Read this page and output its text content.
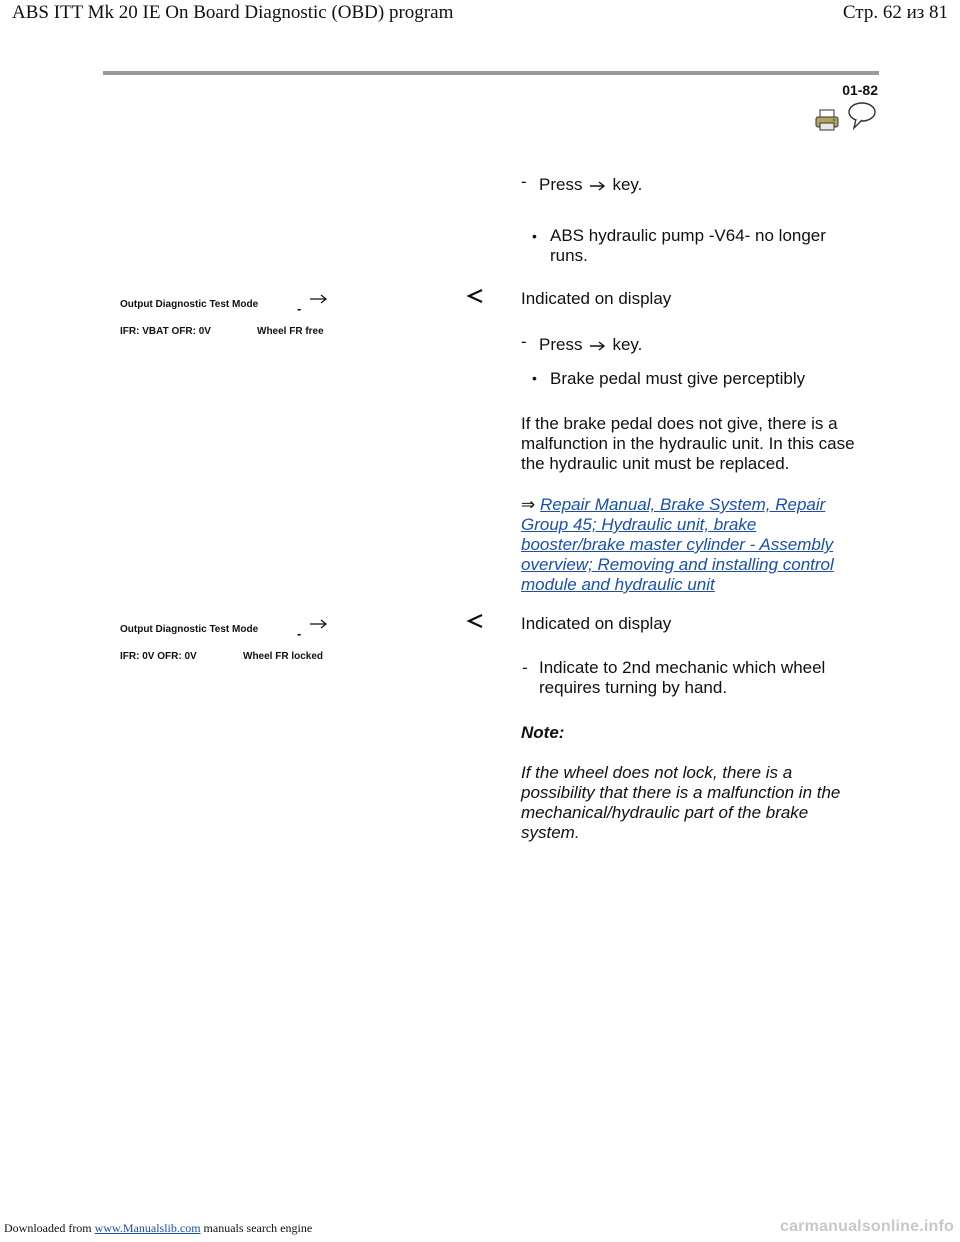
ABS ITT Mk 20 IE On Board Diagnostic (OBD) program	Стр. 62 из 81
01-82
- Press key.
• ABS hydraulic pump -V64- no longer runs.
Output Diagnostic Test Mode	-
IFR: VBAT OFR: 0V	Wheel FR free
Indicated on display
- Press key.
• Brake pedal must give perceptibly
If the brake pedal does not give, there is a malfunction in the hydraulic unit. In this case the hydraulic unit must be replaced.
⇒ Repair Manual, Brake System, Repair Group 45; Hydraulic unit, brake booster/brake master cylinder - Assembly overview; Removing and installing control module and hydraulic unit
Output Diagnostic Test Mode	-
IFR: 0V OFR: 0V	Wheel FR locked
Indicated on display
- Indicate to 2nd mechanic which wheel requires turning by hand.
Note:
If the wheel does not lock, there is a possibility that there is a malfunction in the mechanical/hydraulic part of the brake system.
Downloaded from www.Manualslib.com manuals search engine	carmanualsonline.info
